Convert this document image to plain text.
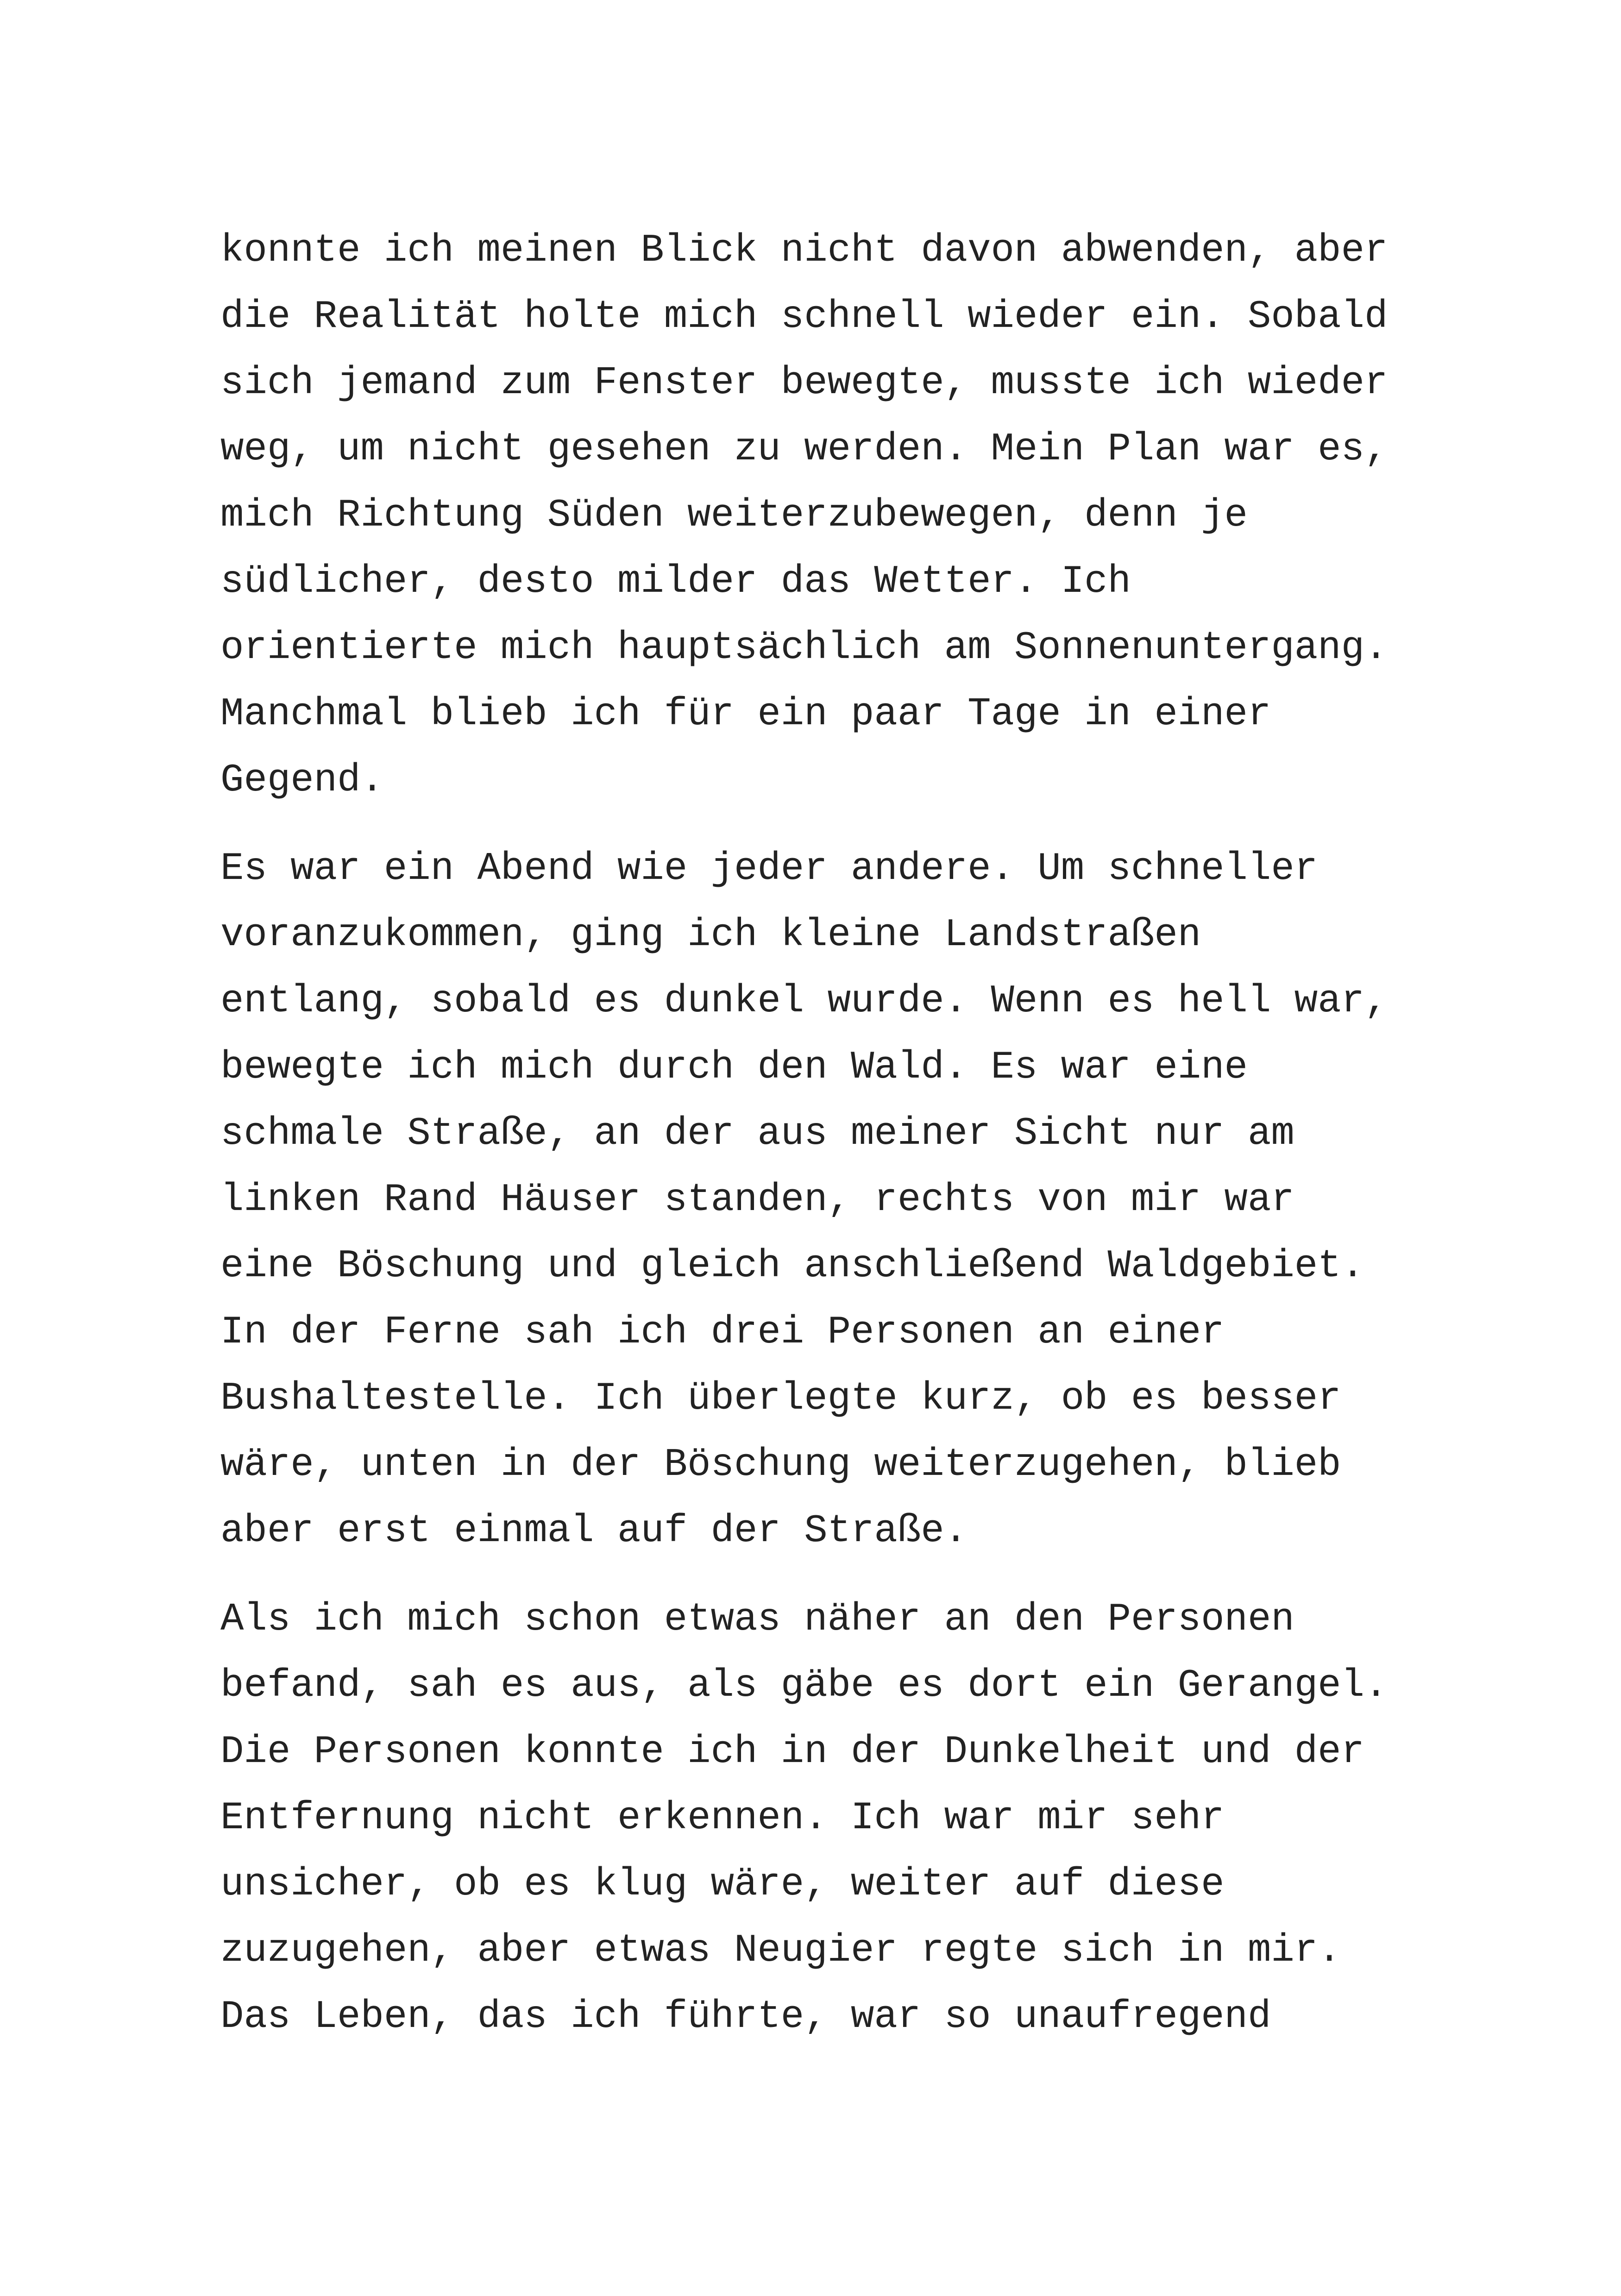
konnte ich meinen Blick nicht davon abwenden, aber
die Realität holte mich schnell wieder ein. Sobald
sich jemand zum Fenster bewegte, musste ich wieder
weg, um nicht gesehen zu werden. Mein Plan war es,
mich Richtung Süden weiterzubewegen, denn je
südlicher, desto milder das Wetter. Ich
orientierte mich hauptsächlich am Sonnenuntergang.
Manchmal blieb ich für ein paar Tage in einer
Gegend.
Es war ein Abend wie jeder andere. Um schneller
voranzukommen, ging ich kleine Landstraßen
entlang, sobald es dunkel wurde. Wenn es hell war,
bewegte ich mich durch den Wald. Es war eine
schmale Straße, an der aus meiner Sicht nur am
linken Rand Häuser standen, rechts von mir war
eine Böschung und gleich anschließend Waldgebiet.
In der Ferne sah ich drei Personen an einer
Bushaltestelle. Ich überlegte kurz, ob es besser
wäre, unten in der Böschung weiterzugehen, blieb
aber erst einmal auf der Straße.
Als ich mich schon etwas näher an den Personen
befand, sah es aus, als gäbe es dort ein Gerangel.
Die Personen konnte ich in der Dunkelheit und der
Entfernung nicht erkennen. Ich war mir sehr
unsicher, ob es klug wäre, weiter auf diese
zuzugehen, aber etwas Neugier regte sich in mir.
Das Leben, das ich führte, war so unaufregend
